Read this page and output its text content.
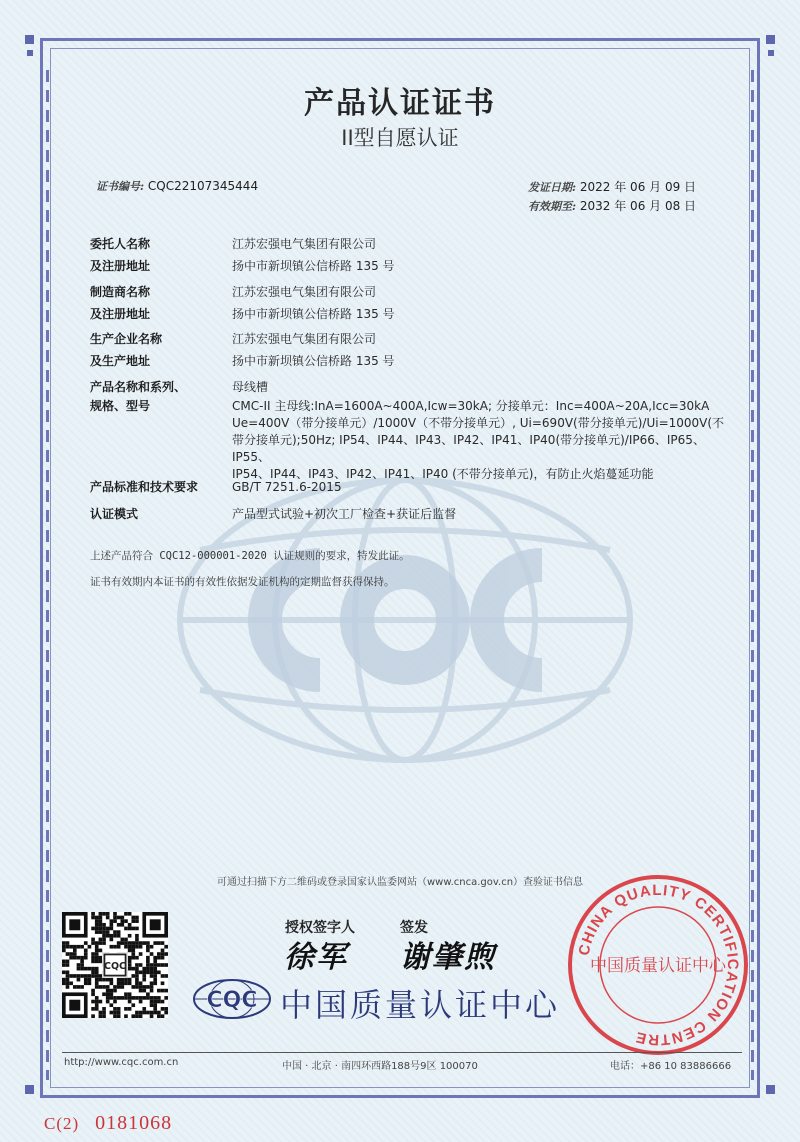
产品认证证书
II型自愿认证
证书编号: CQC22107345444	发证日期: 2022 年 06 月 09 日
有效期至: 2032 年 06 月 08 日
委托人名称	江苏宏强电气集团有限公司
及注册地址	扬中市新坝镇公信桥路 135 号
制造商名称	江苏宏强电气集团有限公司
及注册地址	扬中市新坝镇公信桥路 135 号
生产企业名称	江苏宏强电气集团有限公司
及生产地址	扬中市新坝镇公信桥路 135 号
产品名称和系列、	母线槽
规格、型号	CMC-II 主母线:InA=1600A~400A,Icw=30kA; 分接单元：Inc=400A~20A,Icc=30kA
Ue=400V（带分接单元）/1000V（不带分接单元）, Ui=690V(带分接单元)/Ui=1000V(不
带分接单元);50Hz; IP54、IP44、IP43、IP42、IP41、IP40(带分接单元)/IP66、IP65、IP55、
IP54、IP44、IP43、IP42、IP41、IP40 (不带分接单元)，有防止火焰蔓延功能
产品标准和技术要求	GB/T 7251.6-2015
认证模式	产品型式试验+初次工厂检查+获证后监督
上述产品符合 CQC12-000001-2020 认证规则的要求，特发此证。
证书有效期内本证书的有效性依据发证机构的定期监督获得保持。
可通过扫描下方二维码或登录国家认监委网站（www.cnca.gov.cn）查验证书信息
CQC
授权签字人	签发
徐军 谢肇煦
CQC 中国质量认证中心
CHINA QUALITY CERTIFICATION CENTRE
中国质量认证中心
http://www.cqc.com.cn	中国 · 北京 · 南四环西路188号9区 100070	电话：+86 10 83886666
C(2) 0181068
